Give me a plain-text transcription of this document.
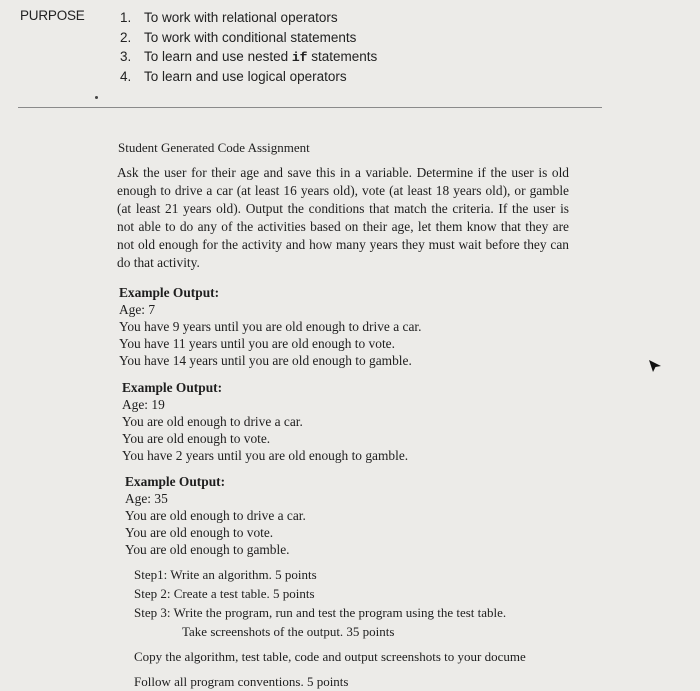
PURPOSE	1. To work with relational operators
2. To work with conditional statements
3. To learn and use nested if statements
4. To learn and use logical operators
Student Generated Code Assignment
Ask the user for their age and save this in a variable. Determine if the user is old enough to drive a car (at least 16 years old), vote (at least 18 years old), or gamble (at least 21 years old). Output the conditions that match the criteria. If the user is not able to do any of the activities based on their age, let them know that they are not old enough for the activity and how many years they must wait before they can do that activity.
Example Output:
Age: 7
You have 9 years until you are old enough to drive a car.
You have 11 years until you are old enough to vote.
You have 14 years until you are old enough to gamble.
Example Output:
Age: 19
You are old enough to drive a car.
You are old enough to vote.
You have 2 years until you are old enough to gamble.
Example Output:
Age: 35
You are old enough to drive a car.
You are old enough to vote.
You are old enough to gamble.
Step1: Write an algorithm. 5 points
Step 2: Create a test table. 5 points
Step 3: Write the program, run and test the program using the test table.
Take screenshots of the output. 35 points
Copy the algorithm, test table, code and output screenshots to your docume
Follow all program conventions. 5 points
